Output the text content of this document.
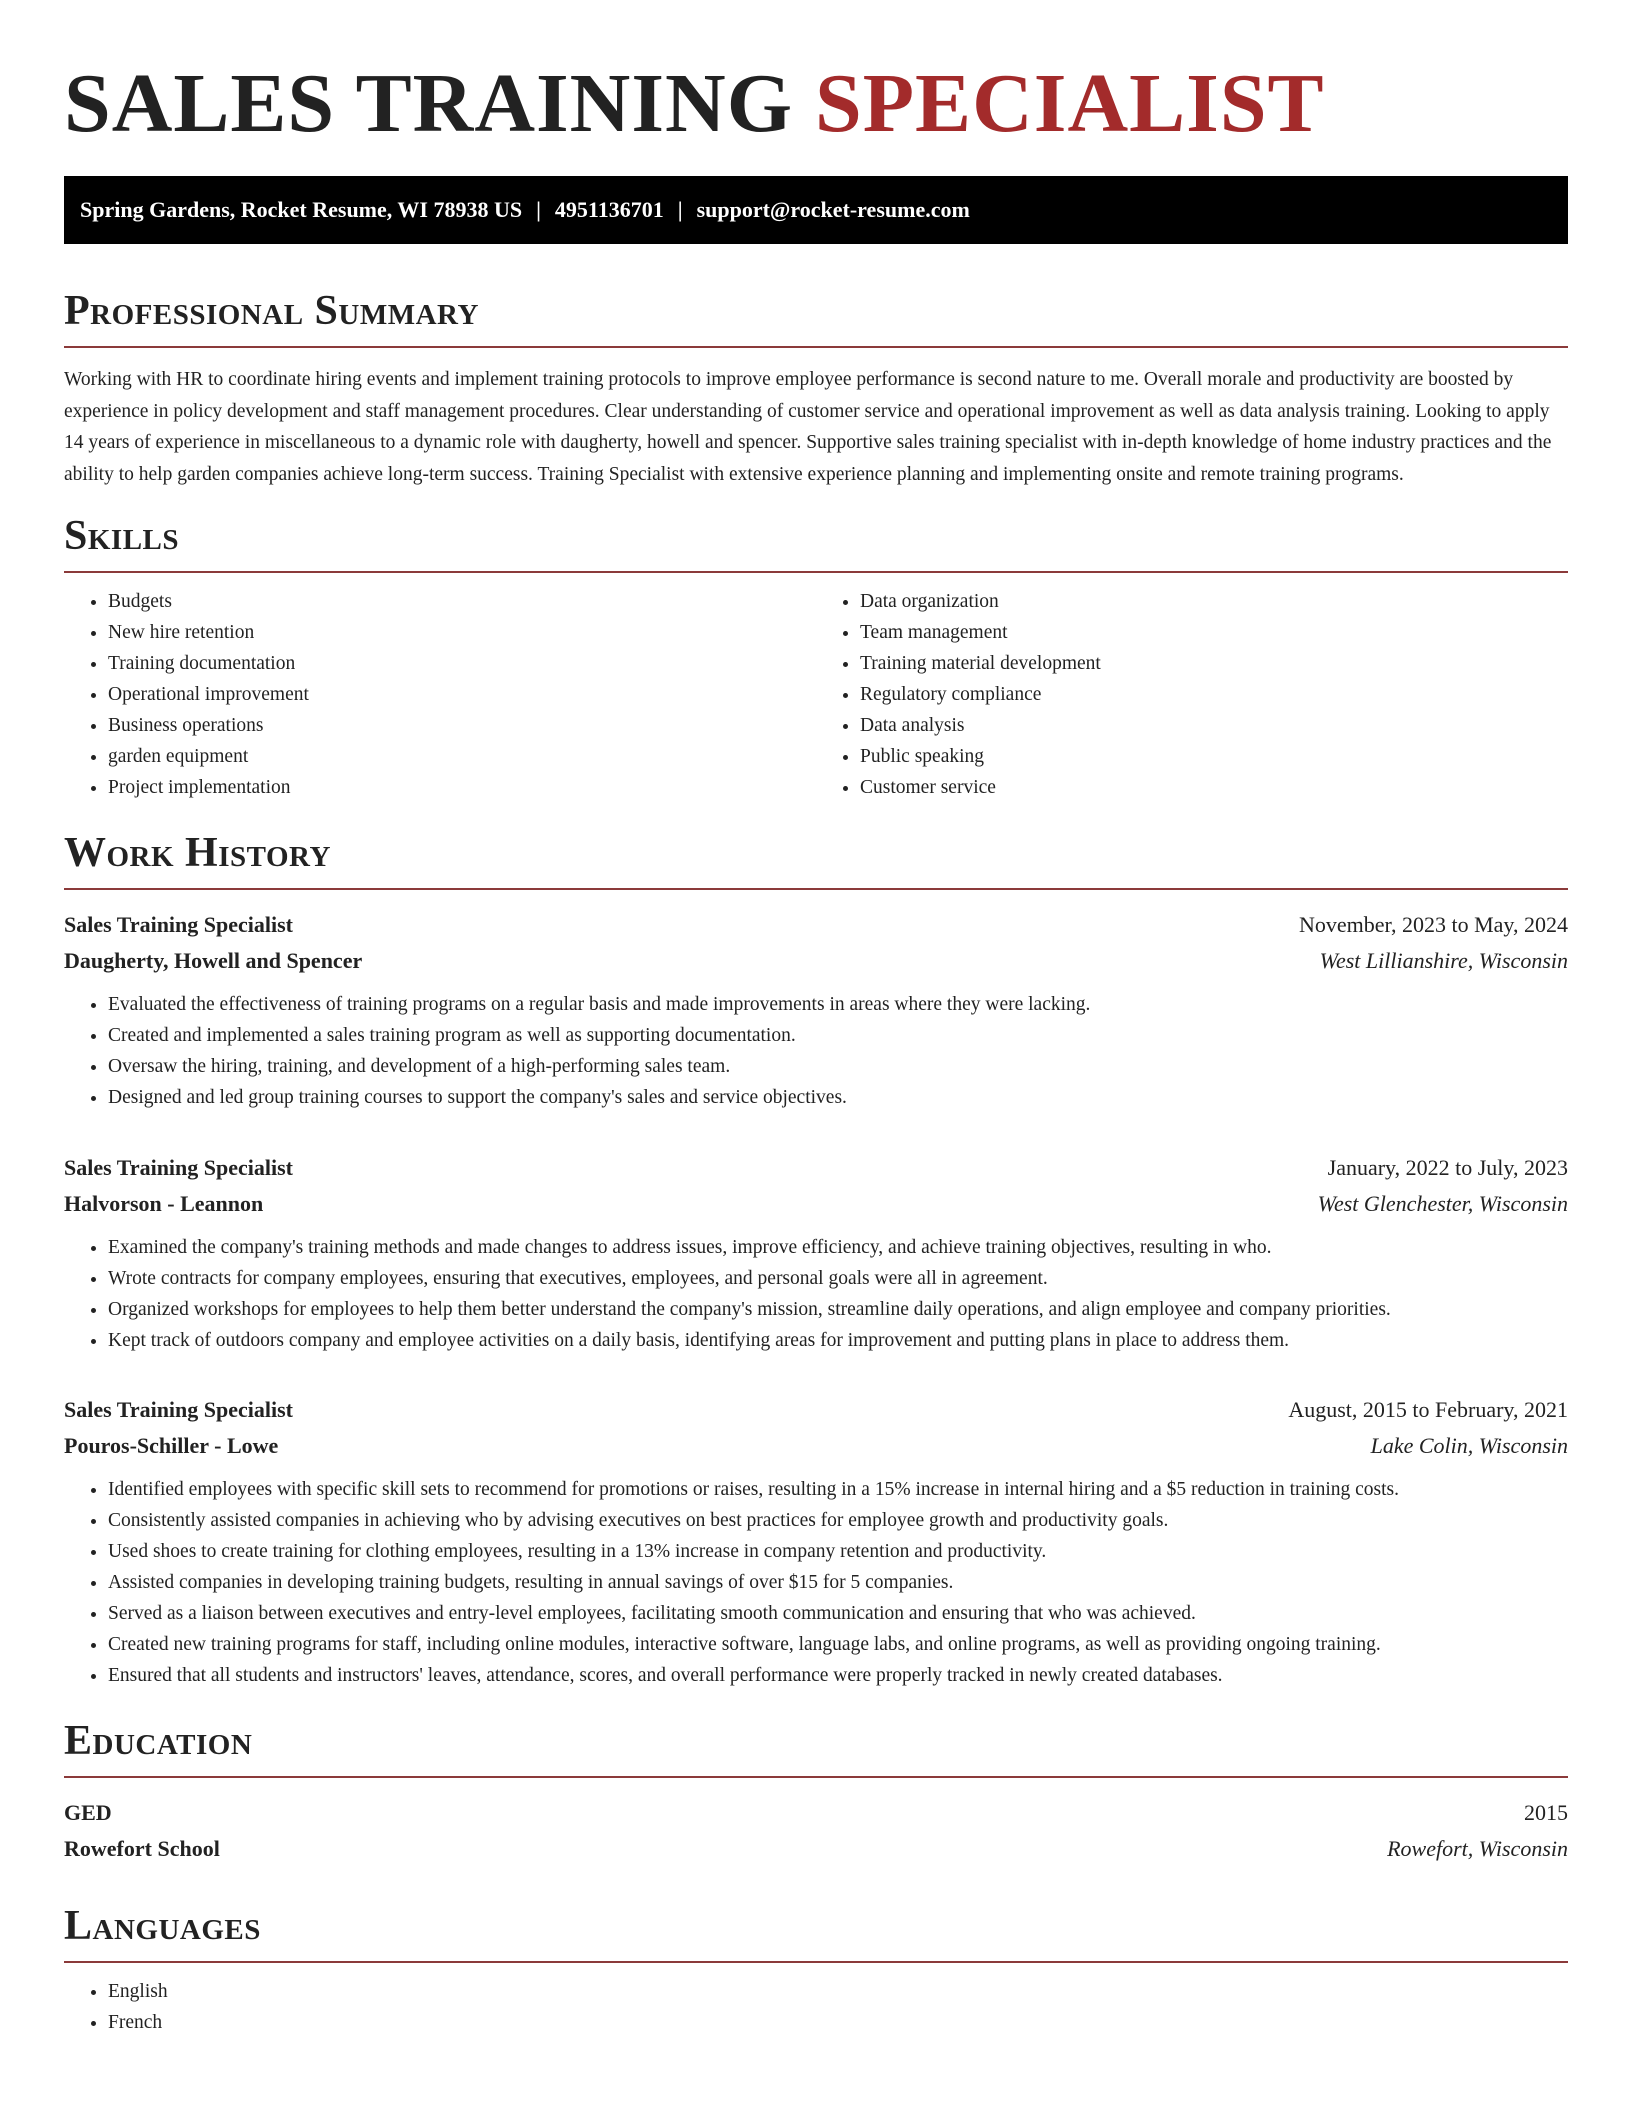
SALES TRAINING SPECIALIST
Spring Gardens, Rocket Resume, WI 78938 US | 4951136701 | support@rocket-resume.com
Professional Summary

Working with HR to coordinate hiring events and implement training protocols to improve employee performance is second nature to me. Overall morale and productivity are boosted by experience in policy development and staff management procedures. Clear understanding of customer service and operational improvement as well as data analysis training. Looking to apply 14 years of experience in miscellaneous to a dynamic role with daugherty, howell and spencer. Supportive sales training specialist with in-depth knowledge of home industry practices and the ability to help garden companies achieve long-term success. Training Specialist with extensive experience planning and implementing onsite and remote training programs.

Skills
• Budgets
• New hire retention
• Training documentation
• Operational improvement
• Business operations
• garden equipment
• Project implementation
• Data organization
• Team management
• Training material development
• Regulatory compliance
• Data analysis
• Public speaking
• Customer service
Work History
Sales Training Specialist	November, 2023 to May, 2024
Daugherty, Howell and Spencer	West Lillianshire, Wisconsin
• Evaluated the effectiveness of training programs on a regular basis and made improvements in areas where they were lacking.
• Created and implemented a sales training program as well as supporting documentation.
• Oversaw the hiring, training, and development of a high-performing sales team.
• Designed and led group training courses to support the company's sales and service objectives.
Sales Training Specialist	January, 2022 to July, 2023
Halvorson - Leannon	West Glenchester, Wisconsin
• Examined the company's training methods and made changes to address issues, improve efficiency, and achieve training objectives, resulting in who.
• Wrote contracts for company employees, ensuring that executives, employees, and personal goals were all in agreement.
• Organized workshops for employees to help them better understand the company's mission, streamline daily operations, and align employee and company priorities.
• Kept track of outdoors company and employee activities on a daily basis, identifying areas for improvement and putting plans in place to address them.
Sales Training Specialist	August, 2015 to February, 2021
Pouros-Schiller - Lowe	Lake Colin, Wisconsin
• Identified employees with specific skill sets to recommend for promotions or raises, resulting in a 15% increase in internal hiring and a $5 reduction in training costs.
• Consistently assisted companies in achieving who by advising executives on best practices for employee growth and productivity goals.
• Used shoes to create training for clothing employees, resulting in a 13% increase in company retention and productivity.
• Assisted companies in developing training budgets, resulting in annual savings of over $15 for 5 companies.
• Served as a liaison between executives and entry-level employees, facilitating smooth communication and ensuring that who was achieved.
• Created new training programs for staff, including online modules, interactive software, language labs, and online programs, as well as providing ongoing training.
• Ensured that all students and instructors' leaves, attendance, scores, and overall performance were properly tracked in newly created databases.
Education
GED	2015
Rowefort School	Rowefort, Wisconsin
Languages
• English
• French
